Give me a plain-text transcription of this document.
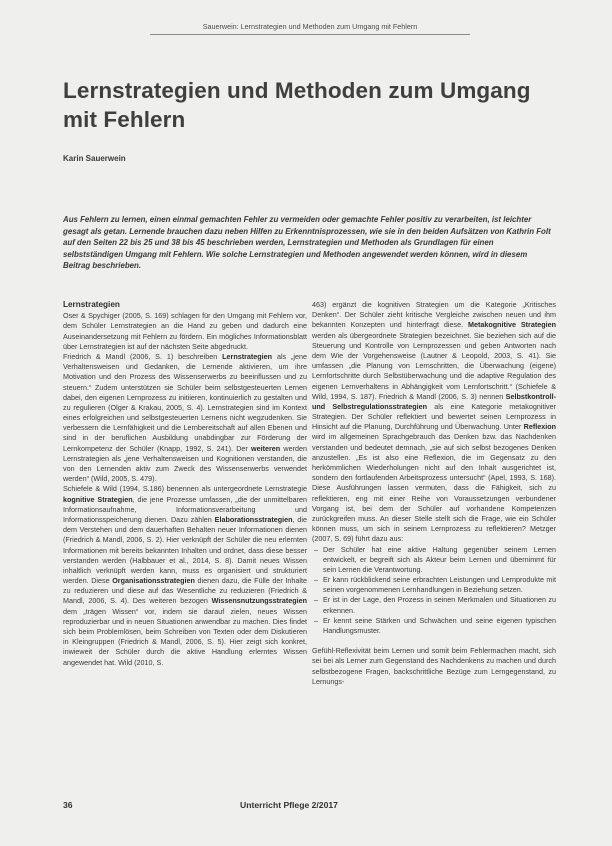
Sauerwein: Lernstrategien und Methoden zum Umgang mit Fehlern
Lernstrategien und Methoden zum Umgang mit Fehlern
Karin Sauerwein

Aus Fehlern zu lernen, einen einmal gemachten Fehler zu vermeiden oder gemachte Fehler positiv zu verarbeiten, ist leichter gesagt als getan. Lernende brauchen dazu neben Hilfen zu Erkenntnisprozessen, wie sie in den beiden Aufsätzen von Kathrin Folt auf den Seiten 22 bis 25 und 38 bis 45 beschrieben werden, Lernstrategien und Methoden als Grundlagen für einen selbstständigen Umgang mit Fehlern. Wie solche Lernstrategien und Methoden angewendet werden können, wird in diesem Beitrag beschrieben.

Lernstrategien

Oser & Spychiger (2005, S. 169) schlagen für den Umgang mit Fehlern vor, dem Schüler Lernstrategien an die Hand zu geben und dadurch eine Auseinandersetzung mit Fehlern zu fördern. Ein mögliches Informationsblatt über Lernstrategien ist auf der nächsten Seite abgedruckt.

Friedrich & Mandl (2006, S. 1) beschreiben Lernstrategien als „jene Verhaltensweisen und Gedanken, die Lernende aktivieren, um ihre Motivation und den Prozess des Wissenserwerbs zu beeinflussen und zu steuern.“ Zudem unterstützen sie Schüler beim selbstgesteuerten Lernen dabei, den eigenen Lernprozess zu initiieren, kontinuierlich zu gestalten und zu regulieren (Olger & Krakau, 2005, S. 4). Lernstrategien sind im Kontext eines erfolgreichen und selbstgesteuerten Lernens nicht wegzudenken. Sie verbessern die Lernfähigkeit und die Lernbereitschaft auf allen Ebenen und sind in der beruflichen Ausbildung unabdingbar zur Förderung der Lernkompetenz der Schüler (Knapp, 1992, S. 241). Der weiteren werden Lernstrategien als „jene Verhaltensweisen und Kognitionen verstanden, die von den Lernenden aktiv zum Zweck des Wissenserwerbs verwendet werden“ (Wild, 2005, S. 479).

Schiefele & Wild (1994, S.186) benennen als untergeordnete Lernstrategie kognitive Strategien, die jene Prozesse umfassen, „die der unmittelbaren Informationsaufnahme, Informationsverarbeitung und Informationsspeicherung dienen. Dazu zählen Elaborationsstrategien, die dem Verstehen und dem dauerhaften Behalten neuer Informationen dienen (Friedrich & Mandl, 2006, S. 2). Hier verknüpft der Schüler die neu erlernten Informationen mit bereits bekannten Inhalten und ordnet, dass diese besser verstanden werden (Halbbauer et al., 2014, S. 8). Damit neues Wissen inhaltlich verknüpft werden kann, muss es organisiert und strukturiert werden. Diese Organisationsstrategien dienen dazu, die Fülle der Inhalte zu reduzieren und diese auf das Wesentliche zu reduzieren (Friedrich & Mandl, 2006, S. 4). Des weiteren bezogen Wissensnutzungsstrategien dem „trägen Wissen“ vor, indem sie darauf zielen, neues Wissen reproduzierbar und in neuen Situationen anwendbar zu machen. Dies findet sich beim Problemlösen, beim Schreiben von Texten oder dem Diskutieren in Kleingruppen (Friedrich & Mandl, 2006, S. 5). Hier zeigt sich konkret, inwieweit der Schüler durch die aktive Handlung erlerntes Wissen angewendet hat. Wild (2010, S.

463) ergänzt die kognitiven Strategien um die Kategorie „Kritisches Denken“. Der Schüler zieht kritische Vergleiche zwischen neuen und ihm bekannten Konzepten und hinterfragt diese. Metakognitive Strategien werden als übergeordnete Strategien bezeichnet. Sie beziehen sich auf die Steuerung und Kontrolle von Lernprozessen und geben Antworten nach dem Wie der Vorgehensweise (Lautner & Leopold, 2003, S. 41). Sie umfassen „die Planung von Lernschritten, die Überwachung (eigene) Lernfortschritte durch Selbstüberwachung und die adaptive Regulation des eigenen Lernverhaltens in Abhängigkeit vom Lernfortschritt.“ (Schiefele & Wild, 1994, S. 187). Friedrich & Mandl (2006, S. 3) nennen Selbstkontroll- und Selbstregulationsstrategien als eine Kategorie metakognitiver Strategien. Der Schüler reflektiert und bewertet seinen Lernprozess in Hinsicht auf die Planung, Durchführung und Überwachung. Unter Reflexion wird im allgemeinen Sprachgebrauch das Denken bzw. das Nachdenken verstanden und bedeutet demnach, „sie auf sich selbst bezogenes Denken anzustellen. „Es ist also eine Reflexion, die im Gegensatz zu den herkömmlichen Wiederholungen nicht auf den Inhalt ausgerichtet ist, sondern den fortlaufenden Arbeitsprozess untersucht“ (Apel, 1993, S. 168). Diese Ausführungen lassen vermuten, dass die Fähigkeit, sich zu reflektieren, eng mit einer Reihe von Voraussetzungen verbundener Vorgang ist, bei dem der Schüler auf vorhandene Kompetenzen zurückgreifen muss. An dieser Stelle stellt sich die Frage, wie ein Schüler können muss, um sich in seinem Lernprozess zu reflektieren? Metzger (2007, S. 69) führt dazu aus:

– Der Schüler hat eine aktive Haltung gegenüber seinem Lernen entwickelt, er begreift sich als Akteur beim Lernen und übernimmt für sein Lernen die Verantwortung.
– Er kann rückblickend seine erbrachten Leistungen und Lernprodukte mit seinen vorgenommenen Lernhandlungen in Beziehung setzen.
– Er ist in der Lage, den Prozess in seinen Merkmalen und Situationen zu erkennen.
– Er kennt seine Stärken und Schwächen und seine eigenen typischen Handlungsmuster.

Gefühl-Reflexivität beim Lernen und somit beim Fehlermachen macht, sich sei bei als Lerner zum Gegenstand des Nachdenkens zu machen und durch selbstbezogene Fragen, backschrittliche Bezüge zum Lerngegenstand, zu Lernungs-

36	Unterricht Pflege 2/2017
